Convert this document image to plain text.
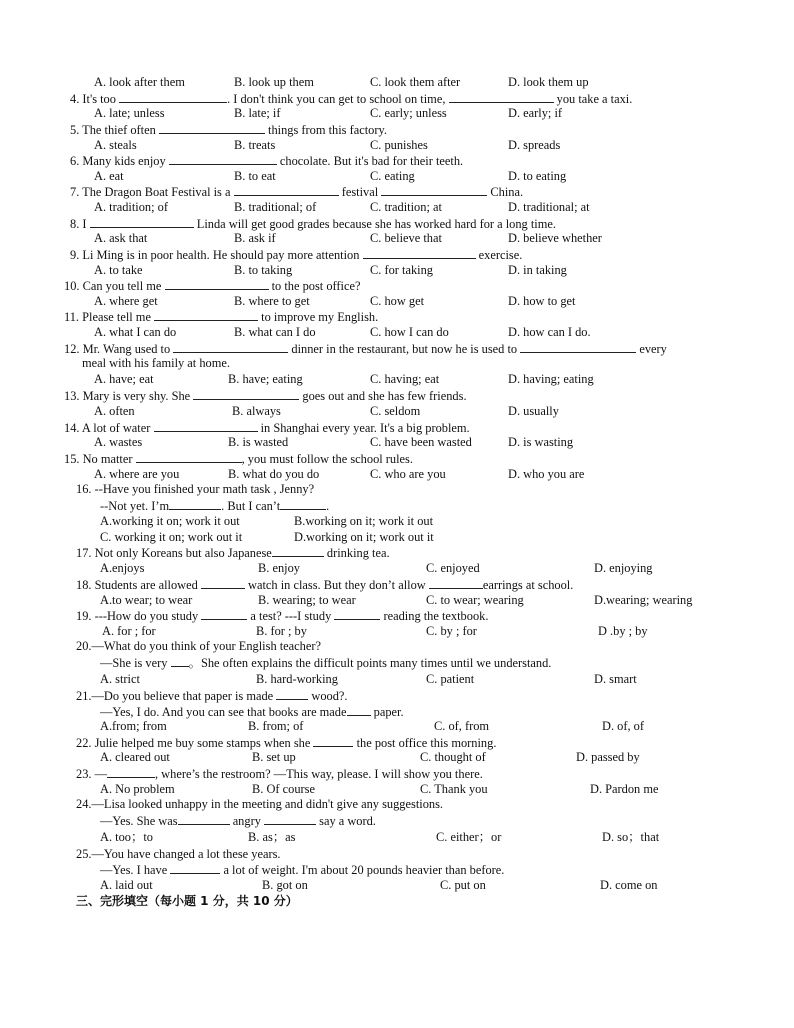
A. look after them	B. look up them	C. look them after	D. look them up
4. It's too	. I don't think you can get to school on time,	you take a taxi.
A. late; unless	B. late; if	C. early; unless	D. early; if
5. The thief often	things from this factory.
A. steals	B. treats	C. punishes	D. spreads
6. Many kids enjoy	chocolate. But it's bad for their teeth.
A. eat	B. to eat	C. eating	D. to eating
7. The Dragon Boat Festival is a	festival	China.
A. tradition; of	B. traditional; of	C. tradition; at	D. traditional; at
8. I	Linda will get good grades because she has worked hard for a long time.
A. ask that	B. ask if	C. believe that	D. believe whether
9. Li Ming is in poor health. He should pay more attention	exercise.
A. to take	B. to taking	C. for taking	D. in taking
10. Can you tell me	to the post office?
A. where get	B. where to get	C. how get	D. how to get
11. Please tell me	to improve my English.
A. what I can do	B. what can I do	C. how I can do	D. how can I do.
12. Mr. Wang used to	dinner in the restaurant, but now he is used to	every
meal with his family at home.
A. have; eat	B. have; eating	C. having; eat	D. having; eating
13. Mary is very shy. She	goes out and she has few friends.
A. often	B. always	C. seldom	D. usually
14. A lot of water	in Shanghai every year. It's a big problem.
A. wastes	B. is wasted	C. have been wasted	D. is wasting
15. No matter	, you must follow the school rules.
A. where are you	B. what do you do	C. who are you	D. who you are
16. --Have you finished your math task , Jenny?
--Not yet. I’m	. But I can’t	.
A.working it on; work it out	B.working on it; work it out
C. working it on; work out it	D.working on it; work out it
17. Not only Koreans but also Japanese	drinking tea.
A.enjoys	B. enjoy	C. enjoyed	D. enjoying
18. Students are allowed	watch in class. But they don’t allow	earrings at school.
A.to wear; to wear	B. wearing; to wear	C. to wear; wearing	D.wearing; wearing
19. ---How do you study	a test? ---I study	reading the textbook.
A. for ; for	B. for ; by	C. by ; for	D .by ; by
20.—What do you think of your English teacher?
—She is very 。She often explains the difficult points many times until we understand.
A. strict	B. hard-working	C. patient	D. smart
21.—Do you believe that paper is made	wood?.
—Yes, I do. And you can see that books are made paper.
A.from; from	B. from; of	C. of, from	D. of, of
22. Julie helped me buy some stamps when she	the post office this morning.
A. cleared out	B. set up	C. thought of	D. passed by
23. —	, where’s the restroom? —This way, please. I will show you there.
A. No problem	B. Of course	C. Thank you	D. Pardon me
24.—Lisa looked unhappy in the meeting and didn't give any suggestions.
—Yes. She was	angry	say a word.
A. too；to	B. as；as	C. either；or	D. so；that
25.—You have changed a lot these years.
—Yes. I have	a lot of weight. I'm about 20 pounds heavier than before.
A. laid out	B. got on	C. put on	D. come on
三、完形填空（每小题 1 分，共 10 分）
